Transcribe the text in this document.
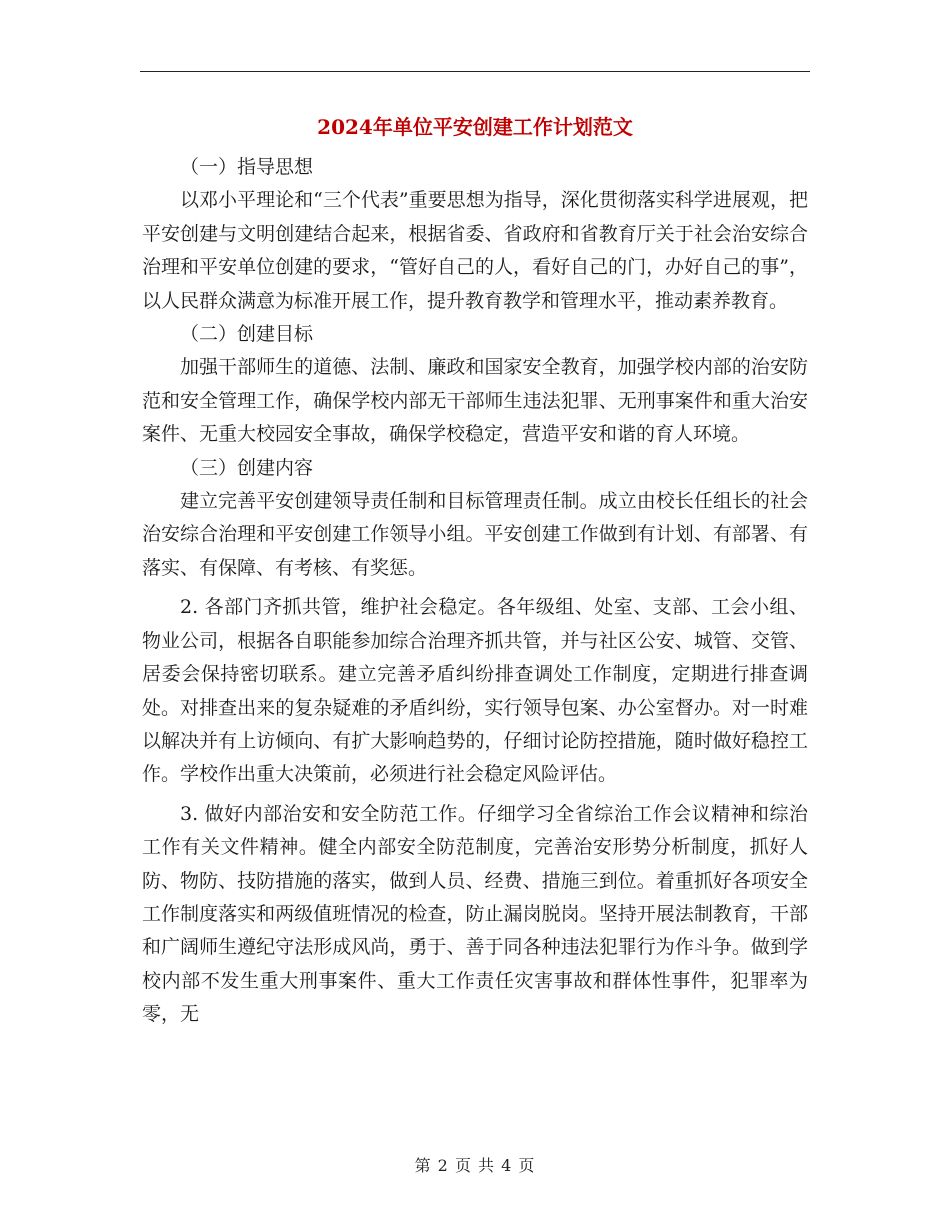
2024年单位平安创建工作计划范文

（一）指导思想

以邓小平理论和“三个代表”重要思想为指导，深化贯彻落实科学进展观，把平安创建与文明创建结合起来，根据省委、省政府和省教育厅关于社会治安综合治理和平安单位创建的要求，“管好自己的人，看好自己的门，办好自己的事”，以人民群众满意为标准开展工作，提升教育教学和管理水平，推动素养教育。

（二）创建目标

加强干部师生的道德、法制、廉政和国家安全教育，加强学校内部的治安防范和安全管理工作，确保学校内部无干部师生违法犯罪、无刑事案件和重大治安案件、无重大校园安全事故，确保学校稳定，营造平安和谐的育人环境。

（三）创建内容

建立完善平安创建领导责任制和目标管理责任制。成立由校长任组长的社会治安综合治理和平安创建工作领导小组。平安创建工作做到有计划、有部署、有落实、有保障、有考核、有奖惩。

2. 各部门齐抓共管，维护社会稳定。各年级组、处室、支部、工会小组、物业公司，根据各自职能参加综合治理齐抓共管，并与社区公安、城管、交管、居委会保持密切联系。建立完善矛盾纠纷排查调处工作制度，定期进行排查调处。对排查出来的复杂疑难的矛盾纠纷，实行领导包案、办公室督办。对一时难以解决并有上访倾向、有扩大影响趋势的，仔细讨论防控措施，随时做好稳控工作。学校作出重大决策前，必须进行社会稳定风险评估。

3. 做好内部治安和安全防范工作。仔细学习全省综治工作会议精神和综治工作有关文件精神。健全内部安全防范制度，完善治安形势分析制度，抓好人防、物防、技防措施的落实，做到人员、经费、措施三到位。着重抓好各项安全工作制度落实和两级值班情况的检查，防止漏岗脱岗。坚持开展法制教育，干部和广阔师生遵纪守法形成风尚，勇于、善于同各种违法犯罪行为作斗争。做到学校内部不发生重大刑事案件、重大工作责任灾害事故和群体性事件，犯罪率为零，无

第 2 页 共 4 页
